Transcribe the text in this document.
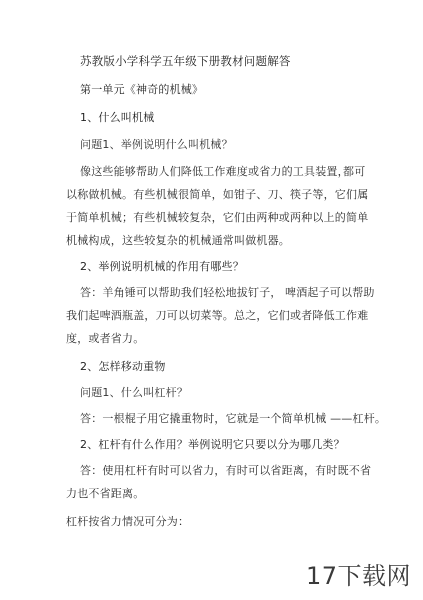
苏教版小学科学五年级下册教材问题解答
第一单元《神奇的机械》
1、什么叫机械
问题1、举例说明什么叫机械？
像这些能够帮助人们降低工作难度或省力的工具装置，
都可
以称做机械。有些机械很简单，如钳子、刀、筷子等，它们属
于简单机械；有些机械较复杂，它们由两种或两种以上的简单
机械构成，这些较复杂的机械通常叫做机器。
2、举例说明机械的作用有哪些？
答：羊角锤可以帮助我们轻松地拔钉子， 啤酒起子可以帮助
我们起啤酒瓶盖，刀可以切菜等。总之，它们或者降低工作难
度，或者省力。
2、怎样移动重物
问题1、什么叫杠杆？
答：一根棍子用它撬重物时，它就是一个简单机械 ——杠杆。
2、杠杆有什么作用？举例说明它只要以分为哪几类？
答：使用杠杆有时可以省力，有时可以省距离，有时既不省
力也不省距离。
杠杆按省力情况可分为：
17下载网
